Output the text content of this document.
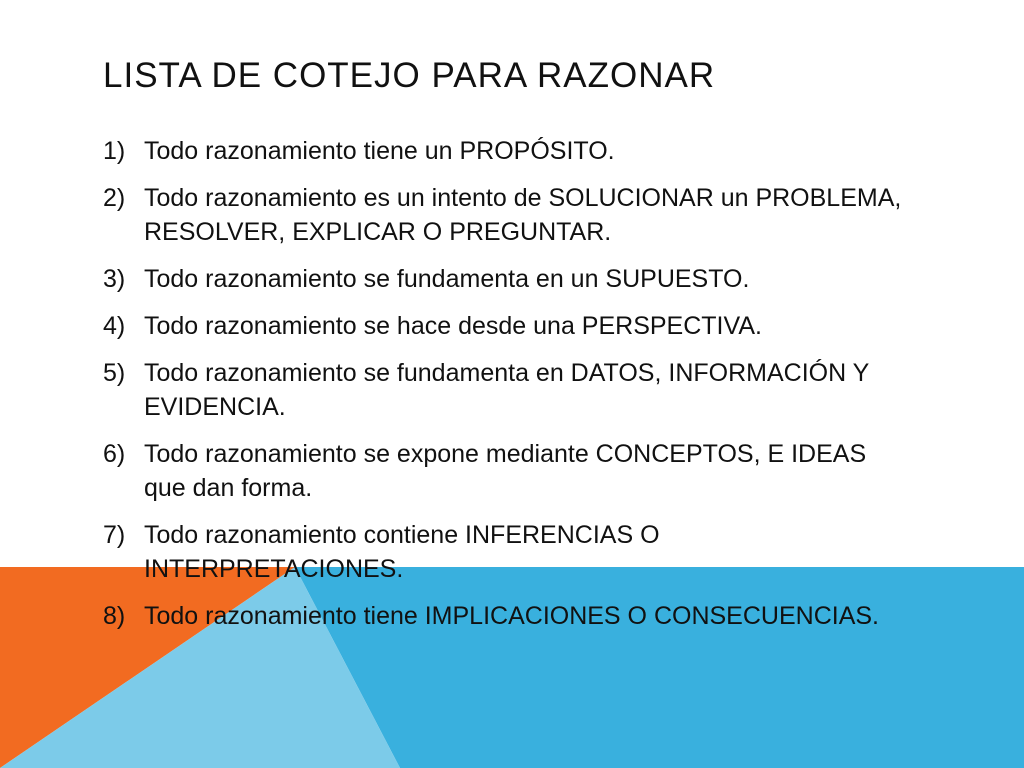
LISTA DE COTEJO PARA RAZONAR
1) Todo razonamiento tiene un PROPÓSITO.
2) Todo razonamiento es un intento de SOLUCIONAR un PROBLEMA, RESOLVER, EXPLICAR O PREGUNTAR.
3) Todo razonamiento se fundamenta en un SUPUESTO.
4) Todo razonamiento se hace desde una PERSPECTIVA.
5) Todo razonamiento se fundamenta en DATOS, INFORMACIÓN Y EVIDENCIA.
6) Todo razonamiento se expone mediante CONCEPTOS, E IDEAS que dan forma.
7) Todo razonamiento contiene INFERENCIAS O INTERPRETACIONES.
8) Todo razonamiento tiene IMPLICACIONES O CONSECUENCIAS.
